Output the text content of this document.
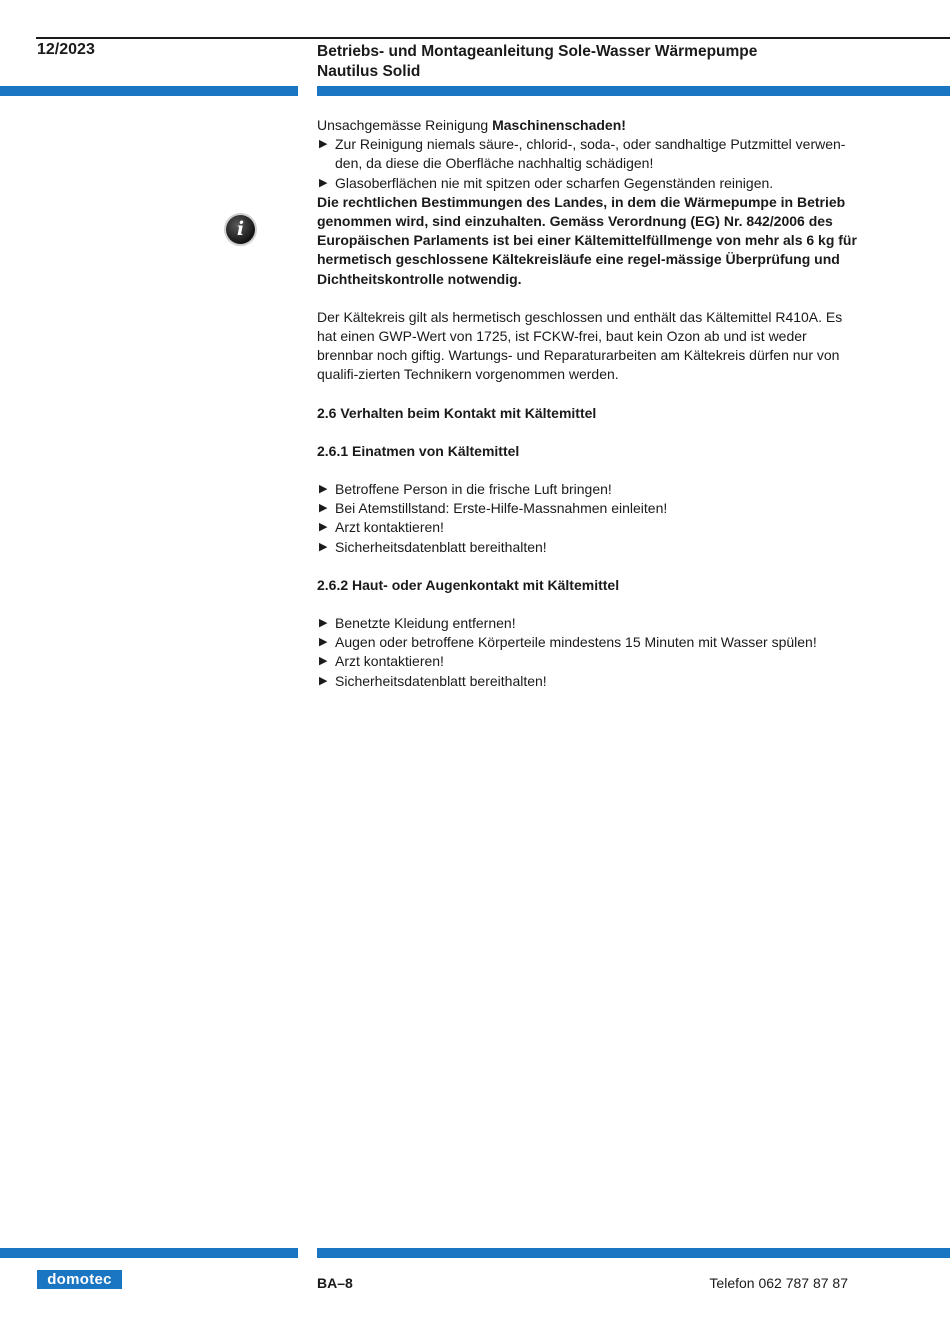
12/2023	Betriebs- und Montageanleitung Sole-Wasser Wärmepumpe
Nautilus Solid
i

Unsachgemässe Reinigung Maschinenschaden!

▶ Zur Reinigung niemals säure-, chlorid-, soda-, oder sandhaltige Putzmittel verwen-den, da diese die Oberfläche nachhaltig schädigen!
▶ Glasoberflächen nie mit spitzen oder scharfen Gegenständen reinigen.

Die rechtlichen Bestimmungen des Landes, in dem die Wärmepumpe in Betrieb genommen wird, sind einzuhalten. Gemäss Verordnung (EG) Nr. 842/2006 des Europäischen Parlaments ist bei einer Kältemittelfüllmenge von mehr als 6 kg für hermetisch geschlossene Kältekreisläufe eine regel-mässige Überprüfung und Dichtheitskontrolle notwendig.

Der Kältekreis gilt als hermetisch geschlossen und enthält das Kältemittel R410A. Es hat einen GWP-Wert von 1725, ist FCKW-frei, baut kein Ozon ab und ist weder brennbar noch giftig. Wartungs- und Reparaturarbeiten am Kältekreis dürfen nur von qualifi-zierten Technikern vorgenommen werden.

2.6 Verhalten beim Kontakt mit Kältemittel

2.6.1 Einatmen von Kältemittel

▶ Betroffene Person in die frische Luft bringen!
▶ Bei Atemstillstand: Erste-Hilfe-Massnahmen einleiten!
▶ Arzt kontaktieren!
▶ Sicherheitsdatenblatt bereithalten!

2.6.2 Haut- oder Augenkontakt mit Kältemittel

▶ Benetzte Kleidung entfernen!
▶ Augen oder betroffene Körperteile mindestens 15 Minuten mit Wasser spülen!
▶ Arzt kontaktieren!
▶ Sicherheitsdatenblatt bereithalten!
domotec	BA–8	Telefon 062 787 87 87
